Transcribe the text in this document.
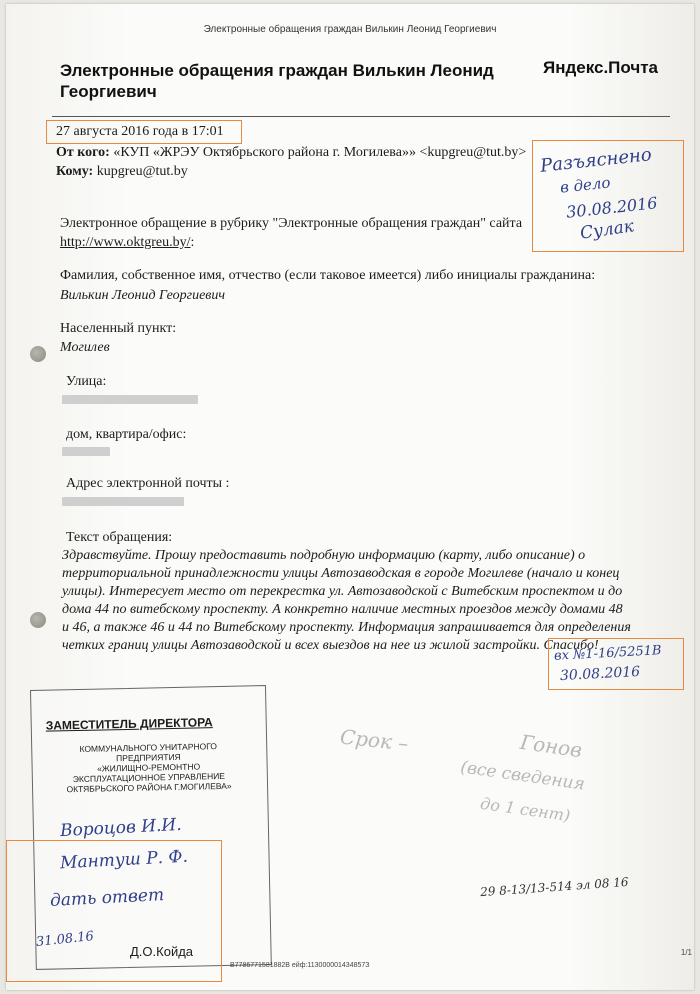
Электронные обращения граждан Вилькин Леонид Георгиевич
Электронные обращения граждан Вилькин Леонид
Георгиевич
Яндекс.Почта
27 августа 2016 года в 17:01
От кого: «КУП «ЖРЭУ Октябрьского района г. Могилева»» <kupgreu@tut.by>
Кому: kupgreu@tut.by	Разъяснено
в дело
30.08.2016
Сулак
Электронное обращение в рубрику "Электронные обращения граждан" сайта
http://www.oktgreu.by/:
Фамилия, собственное имя, отчество (если таковое имеется) либо инициалы гражданина:
Вилькин Леонид Георгиевич
Населенный пункт:
Могилев
Улица:
дом, квартира/офис:
Адрес электронной почты :
Текст обращения:
Здравствуйте. Прошу предоставить подробную информацию (карту, либо описание) о
территориальной принадлежности улицы Автозаводская в городе Могилеве (начало и конец
улицы). Интересует место от перекрестка ул. Автозаводской с Витебским проспектом и до
дома 44 по витебскому проспекту. А конкретно наличие местных проездов между домами 48
и 46, а также 46 и 44 по Витебскому проспекту. Информация запрашивается для определения
четких границ улицы Автозаводской и всех выездов на нее из жилой застройки. Спасибо!
вх №1-16/5251В
30.08.2016
Срок –	Гонов
(все сведения
до 1 сент)
29 8-13/13-514 эл 08 16
ЗАМЕСТИТЕЛЬ ДИРЕКТОРА
КОММУНАЛЬНОГО УНИТАРНОГО
ПРЕДПРИЯТИЯ
«ЖИЛИЩНО-РЕМОНТНО
ЭКСПЛУАТАЦИОННОЕ УПРАВЛЕНИЕ
ОКТЯБРЬСКОГО РАЙОНА Г.МОГИЛЕВА»
Вороцов И.И.
Мантуш Р. Ф.
дать ответ
31.08.16
Д.О.Койда
В7786771581882В ейф:113000001434857З
1/1
